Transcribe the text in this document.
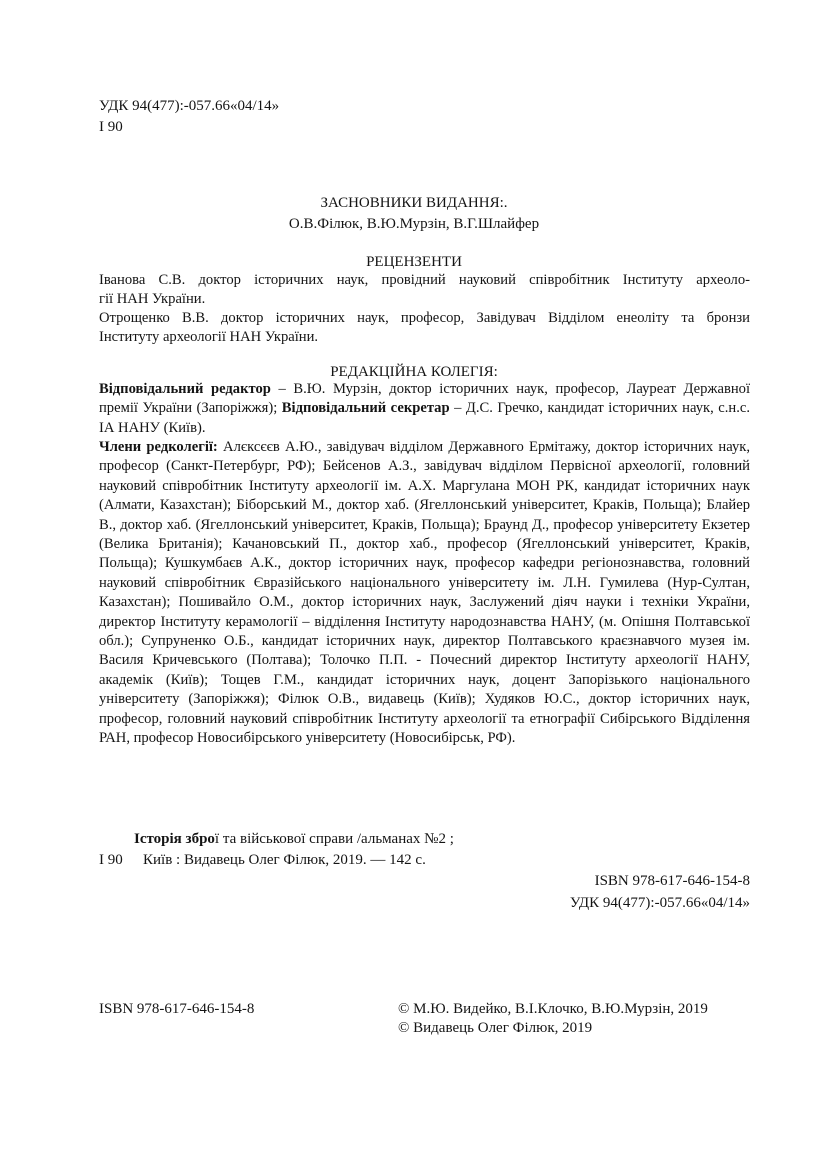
УДК 94(477):-057.66«04/14»
І 90
ЗАСНОВНИКИ ВИДАННЯ:.
О.В.Філюк, В.Ю.Мурзін, В.Г.Шлайфер
РЕЦЕНЗЕНТИ
Іванова С.В. доктор історичних наук, провідний науковий співробітник Інституту археоло-
гії НАН України.
Отрощенко В.В. доктор історичних наук, професор, Завідувач Відділом енеоліту та бронзи
Інституту археології НАН України.
РЕДАКЦІЙНА КОЛЕГІЯ:
Відповідальний редактор – В.Ю. Мурзін, доктор історичних наук, професор, Лауреат Державної премії України (Запоріжжя); Відповідальний секретар – Д.С. Гречко, кандидат історичних наук, с.н.с. ІА НАНУ (Київ).
Члени редколегії: Алєксєєв А.Ю., завідувач відділом Державного Ермітажу, доктор історичних наук, професор (Санкт-Петербург, РФ); Бейсенов А.З., завідувач відділом Первісної археології, головний науковий співробітник Інституту археології ім. А.Х. Маргулана МОН РК, кандидат історичних наук (Алмати, Казахстан); Біборський М., доктор хаб. (Ягеллонський університет, Краків, Польща); Блайер В., доктор хаб. (Ягеллонський університет, Краків, Польща); Браунд Д., професор університету Екзетер (Велика Британія); Качановський П., доктор хаб., професор (Ягеллонський університет, Краків, Польща); Кушкумбаєв А.К., доктор історичних наук, професор кафедри регіонознавства, головний науковий співробітник Євразійського національного університету ім. Л.Н. Гумилева (Нур-Султан, Казахстан); Пошивайло О.М., доктор історичних наук, Заслужений діяч науки і техніки України, директор Інституту керамології – відділення Інституту народознавства НАНУ, (м. Опішня Полтавської обл.); Супруненко О.Б., кандидат історичних наук, директор Полтавського краєзнавчого музея ім. Василя Кричевського (Полтава); Толочко П.П. - Почесний директор Інституту археології НАНУ, академік (Київ); Тощев Г.М., кандидат історичних наук, доцент Запорізького національного університету (Запоріжжя); Філюк О.В., видавець (Київ); Худяков Ю.С., доктор історичних наук, професор, головний науковий співробітник Інституту археології та етнографії Сибірського Відділення РАН, професор Новосибірського університету (Новосибірськ, РФ).
Історія зброї та військової справи /альманах №2 ;
І 90 Київ : Видавець Олег Філюк, 2019. — 142 с.
ISBN 978-617-646-154-8
УДК 94(477):-057.66«04/14»
ISBN 978-617-646-154-8	© М.Ю. Видейко, В.І.Клочко, В.Ю.Мурзін, 2019
© Видавець Олег Філюк, 2019
